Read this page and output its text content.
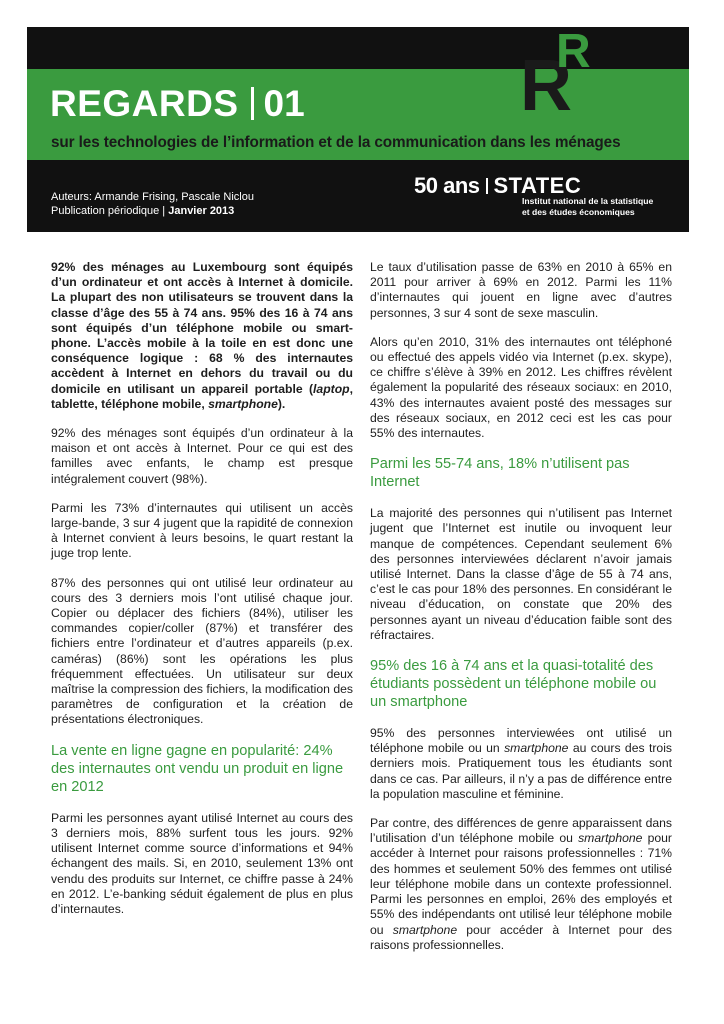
R
R
REGARDS 01
sur les technologies de l’information et de la communication dans les ménages
Auteurs: Armande Frising, Pascale Niclou
Publication périodique | Janvier 2013
50 ans STATEC
Institut national de la statistique
et des études économiques

92% des ménages au Luxembourg sont équipés d’un ordinateur et ont accès à Internet à domicile. La plupart des non utilisateurs se trouvent dans la classe d’âge des 55 à 74 ans. 95% des 16 à 74 ans sont équipés d’un téléphone mobile ou smart-phone. L’accès mobile à la toile en est donc une conséquence logique : 68 % des internautes accèdent à Internet en dehors du travail ou du domicile en utilisant un appareil portable (laptop, tablette, téléphone mobile, smartphone).

92% des ménages sont équipés d’un ordinateur à la maison et ont accès à Internet. Pour ce qui est des familles avec enfants, le champ est presque intégralement couvert (98%).

Parmi les 73% d’internautes qui utilisent un accès large-bande, 3 sur 4 jugent que la rapidité de connexion à Internet convient à leurs besoins, le quart restant la juge trop lente.

87% des personnes qui ont utilisé leur ordinateur au cours des 3 derniers mois l’ont utilisé chaque jour. Copier ou déplacer des fichiers (84%), utiliser les commandes copier/coller (87%) et transférer des fichiers entre l’ordinateur et d’autres appareils (p.ex. caméras) (86%) sont les opérations les plus fréquemment effectuées. Un utilisateur sur deux maîtrise la compression des fichiers, la modification des paramètres de configuration et la création de présentations électroniques.

La vente en ligne gagne en popularité: 24% des internautes ont vendu un produit en ligne en 2012

Parmi les personnes ayant utilisé Internet au cours des 3 derniers mois, 88% surfent tous les jours. 92% utilisent Internet comme source d’informations et 94% échangent des mails. Si, en 2010, seulement 13% ont vendu des produits sur Internet, ce chiffre passe à 24% en 2012. L’e-banking séduit également de plus en plus d’internautes.

Le taux d’utilisation passe de 63% en 2010 à 65% en 2011 pour arriver à 69% en 2012. Parmi les 11% d’internautes qui jouent en ligne avec d’autres personnes, 3 sur 4 sont de sexe masculin.

Alors qu’en 2010, 31% des internautes ont téléphoné ou effectué des appels vidéo via Internet (p.ex. skype), ce chiffre s’élève à 39% en 2012. Les chiffres révèlent également la popularité des réseaux sociaux: en 2010, 43% des internautes avaient posté des messages sur des réseaux sociaux, en 2012 ceci est les cas pour 55% des internautes.

Parmi les 55-74 ans, 18% n’utilisent pas Internet

La majorité des personnes qui n’utilisent pas Internet jugent que l’Internet est inutile ou invoquent leur manque de compétences. Cependant seulement 6% des personnes interviewées déclarent n’avoir jamais utilisé Internet. Dans la classe d’âge de 55 à 74 ans, c’est le cas pour 18% des personnes. En considérant le niveau d’éducation, on constate que 20% des personnes ayant un niveau d’éducation faible sont des réfractaires.

95% des 16 à 74 ans et la quasi-totalité des étudiants possèdent un téléphone mobile ou un smartphone

95% des personnes interviewées ont utilisé un téléphone mobile ou un smartphone au cours des trois derniers mois. Pratiquement tous les étudiants sont dans ce cas. Par ailleurs, il n’y a pas de différence entre la population masculine et féminine.

Par contre, des différences de genre apparaissent dans l’utilisation d’un téléphone mobile ou smartphone pour accéder à Internet pour raisons professionnelles : 71% des hommes et seulement 50% des femmes ont utilisé leur téléphone mobile dans un contexte professionnel. Parmi les personnes en emploi, 26% des employés et 55% des indépendants ont utilisé leur téléphone mobile ou smartphone pour accéder à Internet pour des raisons professionnelles.
